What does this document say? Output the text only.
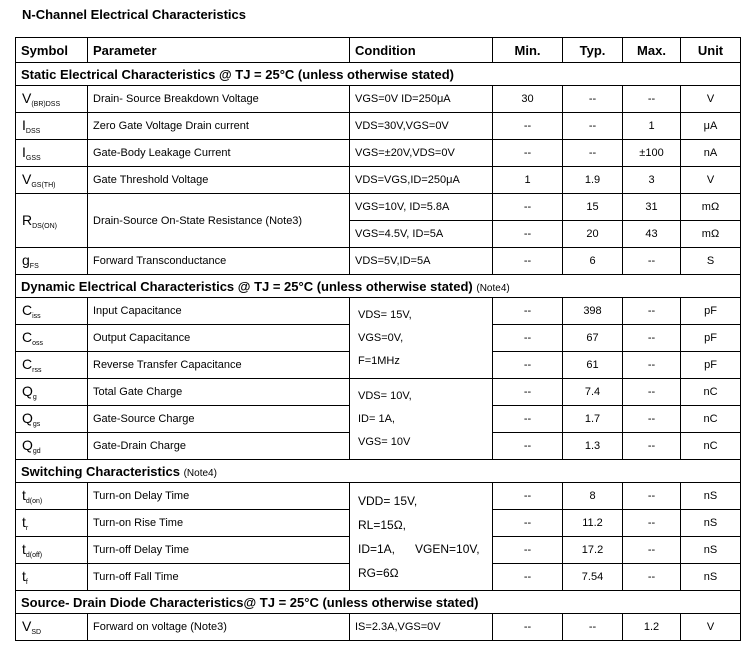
N-Channel Electrical Characteristics
Symbol	Parameter	Condition	Min.	Typ.	Max.	Unit
Static Electrical Characteristics @ TJ = 25°C (unless otherwise stated)						
$V_{(BR)DSS}$	Drain- Source Breakdown Voltage	VGS=0V ID=250μA	30	--	--	V
$I_{DSS}$	Zero Gate Voltage Drain current	VDS=30V,VGS=0V	--	--	1	μA
$I_{GSS}$	Gate-Body Leakage Current	VGS=±20V,VDS=0V	--	--	±100	nA
$V_{GS(TH)}$	Gate Threshold Voltage	VDS=VGS,ID=250μA	1	1.9	3	V
$R_{DS(ON)}$	Drain-Source On-State Resistance (Note3)	VGS=10V, ID=5.8A	--	15	31	mΩ
		VGS=4.5V, ID=5A	--	20	43	mΩ
$g_{FS}$	Forward Transconductance	VDS=5V,ID=5A	--	6	--	S
Dynamic Electrical Characteristics @ TJ = 25°C (unless otherwise stated) (Note4)						
$C_{iss}$	Input Capacitance	VDS= 15V,
VGS=0V,
F=1MHz	--	398	--	pF
$C_{oss}$	Output Capacitance		--	67	--	pF
$C_{rss}$	Reverse Transfer Capacitance		--	61	--	pF
$Q_g$	Total Gate Charge	VDS= 10V,
ID= 1A,
VGS= 10V	--	7.4	--	nC
$Q_{gs}$	Gate-Source Charge		--	1.7	--	nC
$Q_{gd}$	Gate-Drain Charge		--	1.3	--	nC
Switching Characteristics (Note4)						
$t_{d(on)}$	Turn-on Delay Time	VDD= 15V,
RL=15Ω,
ID=1A,      VGEN=10V,
RG=6Ω	--	8	--	nS
$t_r$	Turn-on Rise Time		--	11.2	--	nS
$t_{d(off)}$	Turn-off Delay Time		--	17.2	--	nS
$t_f$	Turn-off Fall Time		--	7.54	--	nS
Source- Drain Diode Characteristics@ TJ = 25°C (unless otherwise stated)						
$V_{SD}$	Forward on voltage (Note3)	IS=2.3A,VGS=0V	--	--	1.2	V
